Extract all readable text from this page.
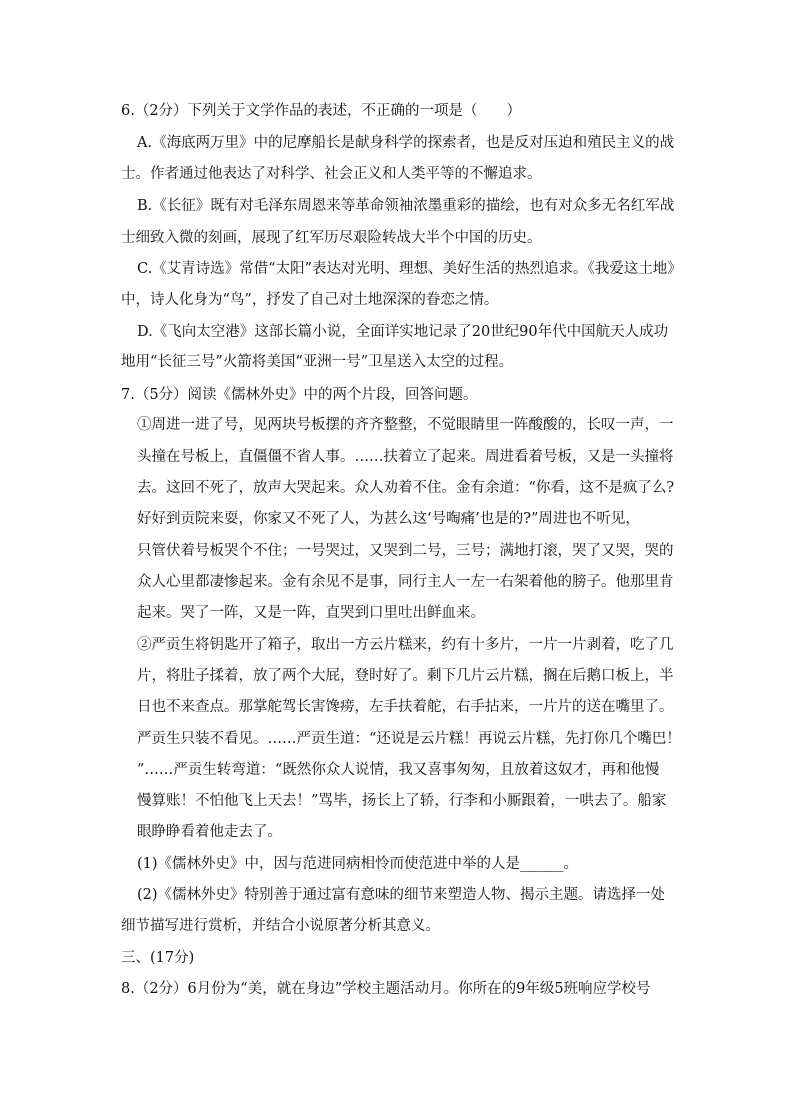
6.（2分）下列关于文学作品的表述，不正确的一项是（　　）
A.《海底两万里》中的尼摩船长是献身科学的探索者，也是反对压迫和殖民主义的战
士。作者通过他表达了对科学、社会正义和人类平等的不懈追求。
B.《长征》既有对毛泽东周恩来等革命领袖浓墨重彩的描绘，也有对众多无名红军战
士细致入微的刻画，展现了红军历尽艰险转战大半个中国的历史。
C.《艾青诗选》常借“太阳”表达对光明、理想、美好生活的热烈追求。《我爱这土地》
中，诗人化身为“鸟”，抒发了自己对土地深深的眷恋之情。
D.《飞向太空港》这部长篇小说，全面详实地记录了20世纪90年代中国航天人成功
地用“长征三号”火箭将美国“亚洲一号”卫星送入太空的过程。
7.（5分）阅读《儒林外史》中的两个片段，回答问题。
①周进一进了号，见两块号板摆的齐齐整整，不觉眼睛里一阵酸酸的，长叹一声，一
头撞在号板上，直僵僵不省人事。……扶着立了起来。周进看着号板，又是一头撞将
去。这回不死了，放声大哭起来。众人劝着不住。金有余道：“你看，这不是疯了么?
好好到贡院来耍，你家又不死了人，为甚么这‘号啕痛’也是的?”周进也不听见，
只管伏着号板哭个不住；一号哭过，又哭到二号，三号；满地打滚，哭了又哭，哭的
众人心里都凄惨起来。金有余见不是事，同行主人一左一右架着他的膀子。他那里肯
起来。哭了一阵，又是一阵，直哭到口里吐出鲜血来。
②严贡生将钥匙开了箱子，取出一方云片糕来，约有十多片，一片一片剥着，吃了几
片，将肚子揉着，放了两个大屁，登时好了。剩下几片云片糕，搁在后鹅口板上，半
日也不来查点。那掌舵驾长害馋痨，左手扶着舵，右手拈来，一片片的送在嘴里了。
严贡生只装不看见。……严贡生道：“还说是云片糕！再说云片糕，先打你几个嘴巴！
”……严贡生转弯道：“既然你众人说情，我又喜事匆匆，且放着这奴才，再和他慢
慢算账！不怕他飞上天去！”骂毕，扬长上了轿，行李和小厮跟着，一哄去了。船家
眼睁睁看着他走去了。
(1)《儒林外史》中，因与范进同病相怜而使范进中举的人是______。
(2)《儒林外史》特别善于通过富有意味的细节来塑造人物、揭示主题。请选择一处
细节描写进行赏析，并结合小说原著分析其意义。
三、(17分)
8.（2分）6月份为“美，就在身边”学校主题活动月。你所在的9年级5班响应学校号
